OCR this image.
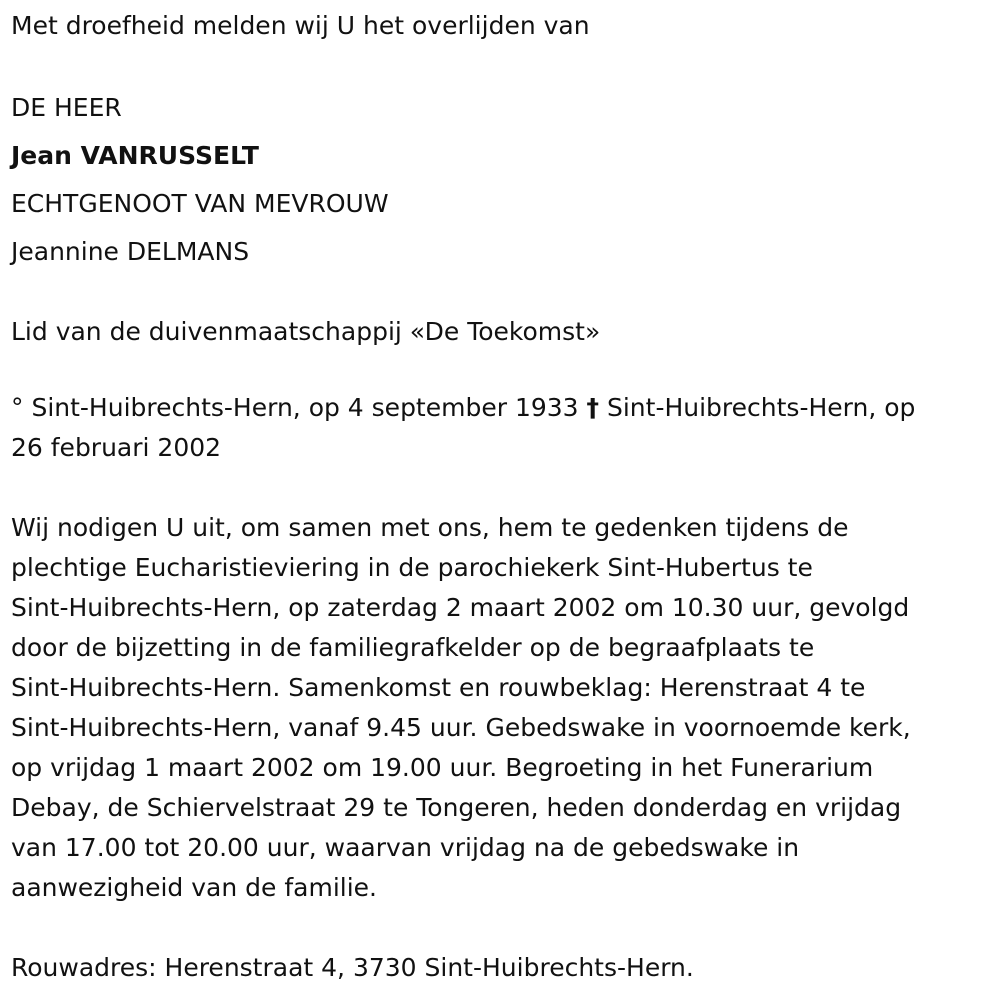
Met droefheid melden wij U het overlijden van
DE HEER
Jean VANRUSSELT
ECHTGENOOT VAN MEVROUW
Jeannine DELMANS
Lid van de duivenmaatschappij «De Toekomst»
° Sint-Huibrechts-Hern, op 4 september 1933 † Sint-Huibrechts-Hern, op
26 februari 2002
Wij nodigen U uit, om samen met ons, hem te gedenken tijdens de
plechtige Eucharistieviering in de parochiekerk Sint-Hubertus te
Sint-Huibrechts-Hern, op zaterdag 2 maart 2002 om 10.30 uur, gevolgd
door de bijzetting in de familiegrafkelder op de begraafplaats te
Sint-Huibrechts-Hern. Samenkomst en rouwbeklag: Herenstraat 4 te
Sint-Huibrechts-Hern, vanaf 9.45 uur. Gebedswake in voornoemde kerk,
op vrijdag 1 maart 2002 om 19.00 uur. Begroeting in het Funerarium
Debay, de Schiervelstraat 29 te Tongeren, heden donderdag en vrijdag
van 17.00 tot 20.00 uur, waarvan vrijdag na de gebedswake in
aanwezigheid van de familie.
Rouwadres: Herenstraat 4, 3730 Sint-Huibrechts-Hern.
